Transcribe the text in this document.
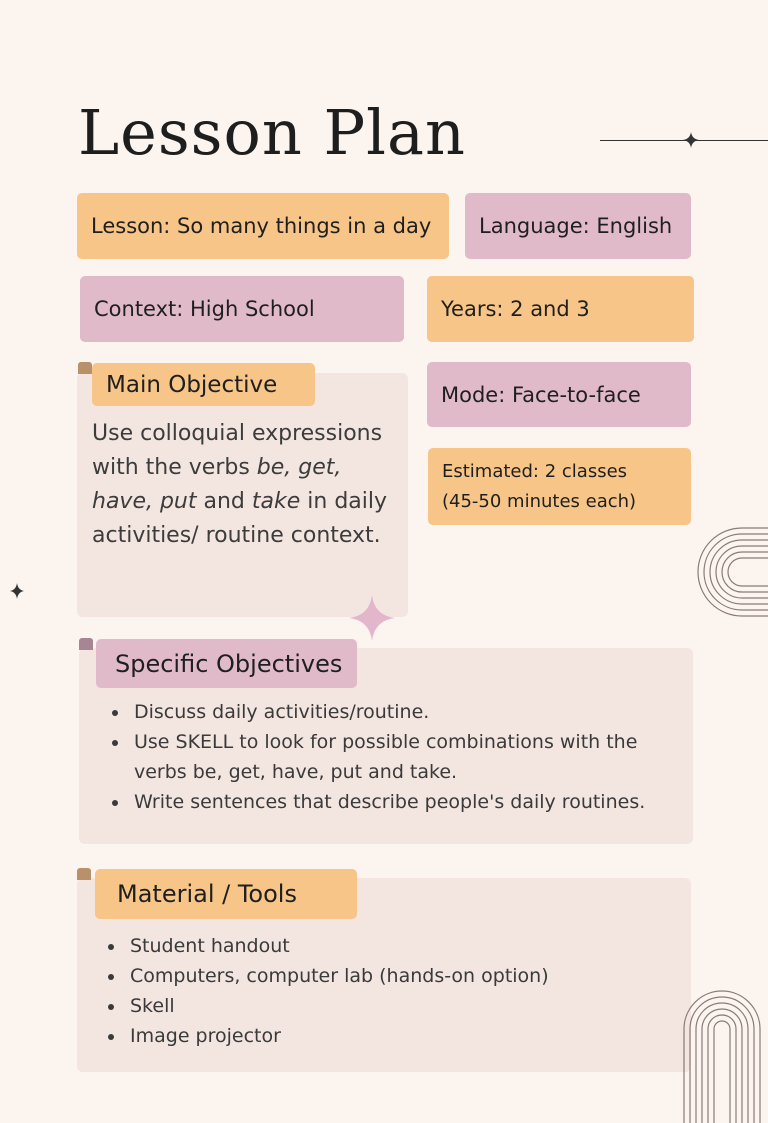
Lesson Plan
Lesson: So many things in a day Language: English
Context: High School	Years: 2 and 3
Main Objective
Use colloquial expressions with the verbs be, get, have, put and take in daily activities/ routine context.
Mode: Face-to-face
Estimated: 2 classes
(45-50 minutes each)
Specific Objectives
• Discuss daily activities/routine.
• Use SKELL to look for possible combinations with the verbs be, get, have, put and take.
• Write sentences that describe people's daily routines.
Material / Tools
• Student handout
• Computers, computer lab (hands-on option)
• Skell
• Image projector
